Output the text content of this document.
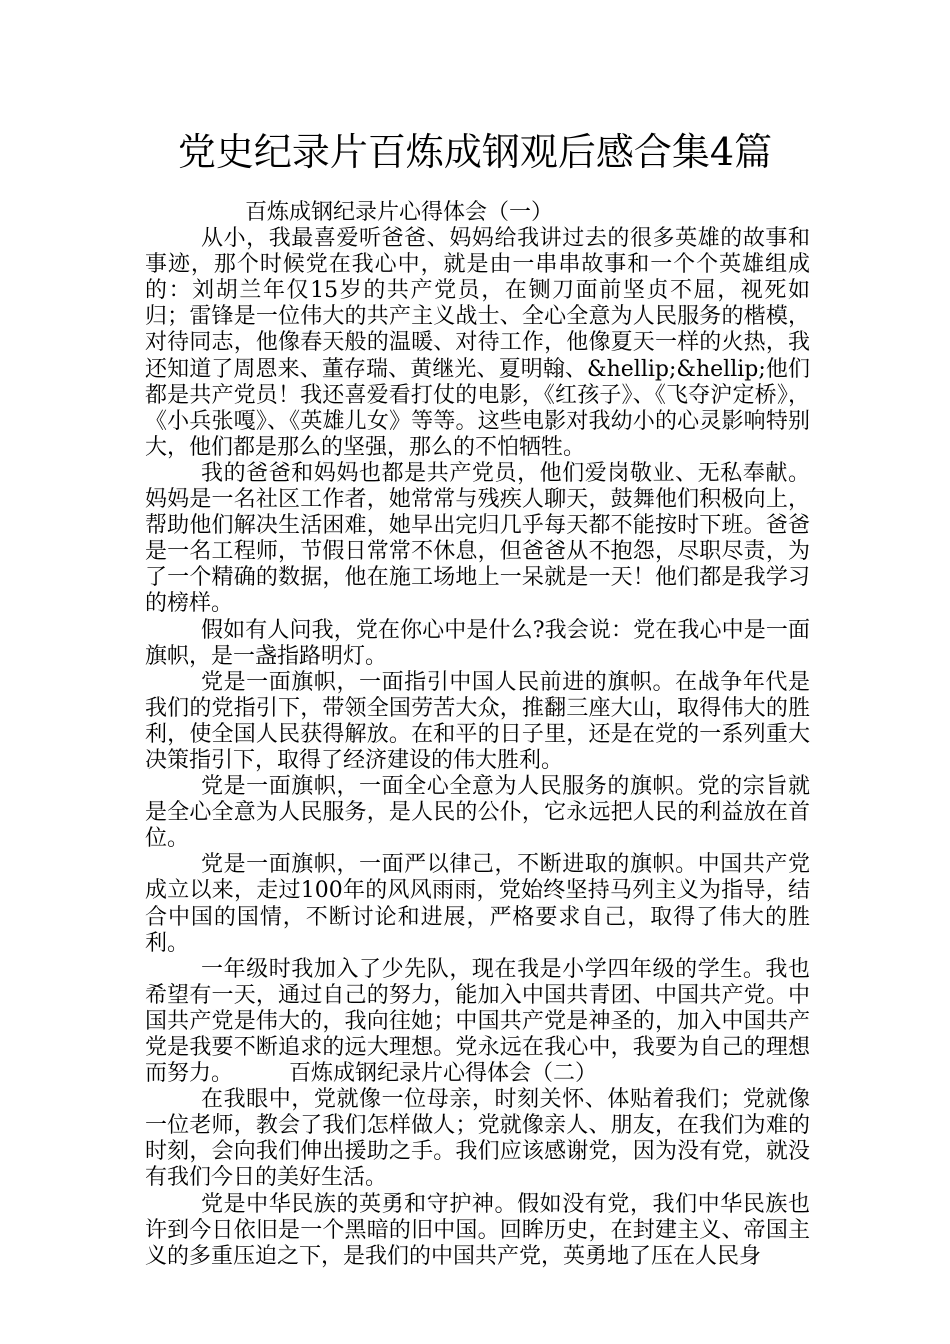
党史纪录片百炼成钢观后感合集4篇

百炼成钢纪录片心得体会（一）

从小，我最喜爱听爸爸、妈妈给我讲过去的很多英雄的故事和事迹，那个时候党在我心中，就是由一串串故事和一个个英雄组成的：刘胡兰年仅15岁的共产党员，在铡刀面前坚贞不屈，视死如归；雷锋是一位伟大的共产主义战士、全心全意为人民服务的楷模，对待同志，他像春天般的温暖、对待工作，他像夏天一样的火热，我还知道了周恩来、董存瑞、黄继光、夏明翰、&hellip;&hellip;他们都是共产党员！我还喜爱看打仗的电影，《红孩子》、《飞夺沪定桥》，《小兵张嘎》、《英雄儿女》等等。这些电影对我幼小的心灵影响特别大，他们都是那么的坚强，那么的不怕牺牲。

我的爸爸和妈妈也都是共产党员，他们爱岗敬业、无私奉献。妈妈是一名社区工作者，她常常与残疾人聊天，鼓舞他们积极向上，帮助他们解决生活困难，她早出完归几乎每天都不能按时下班。爸爸是一名工程师，节假日常常不休息，但爸爸从不抱怨，尽职尽责，为了一个精确的数据，他在施工场地上一呆就是一天！他们都是我学习的榜样。

假如有人问我，党在你心中是什么?我会说：党在我心中是一面旗帜，是一盏指路明灯。

党是一面旗帜，一面指引中国人民前进的旗帜。在战争年代是我们的党指引下，带领全国劳苦大众，推翻三座大山，取得伟大的胜利，使全国人民获得解放。在和平的日子里，还是在党的一系列重大决策指引下，取得了经济建设的伟大胜利。

党是一面旗帜，一面全心全意为人民服务的旗帜。党的宗旨就是全心全意为人民服务，是人民的公仆，它永远把人民的利益放在首位。

党是一面旗帜，一面严以律己，不断进取的旗帜。中国共产党成立以来，走过100年的风风雨雨，党始终坚持马列主义为指导，结合中国的国情，不断讨论和进展，严格要求自己，取得了伟大的胜利。

一年级时我加入了少先队，现在我是小学四年级的学生。我也希望有一天，通过自己的努力，能加入中国共青团、中国共产党。中国共产党是伟大的，我向往她；中国共产党是神圣的，加入中国共产党是我要不断追求的远大理想。党永远在我心中，我要为自己的理想而努力。	百炼成钢纪录片心得体会（二）

在我眼中，党就像一位母亲，时刻关怀、体贴着我们；党就像一位老师，教会了我们怎样做人；党就像亲人、朋友，在我们为难的时刻，会向我们伸出援助之手。我们应该感谢党，因为没有党，就没有我们今日的美好生活。

党是中华民族的英勇和守护神。假如没有党，我们中华民族也许到今日依旧是一个黑暗的旧中国。回眸历史，在封建主义、帝国主义的多重压迫之下，是我们的中国共产党，英勇地了压在人民身
